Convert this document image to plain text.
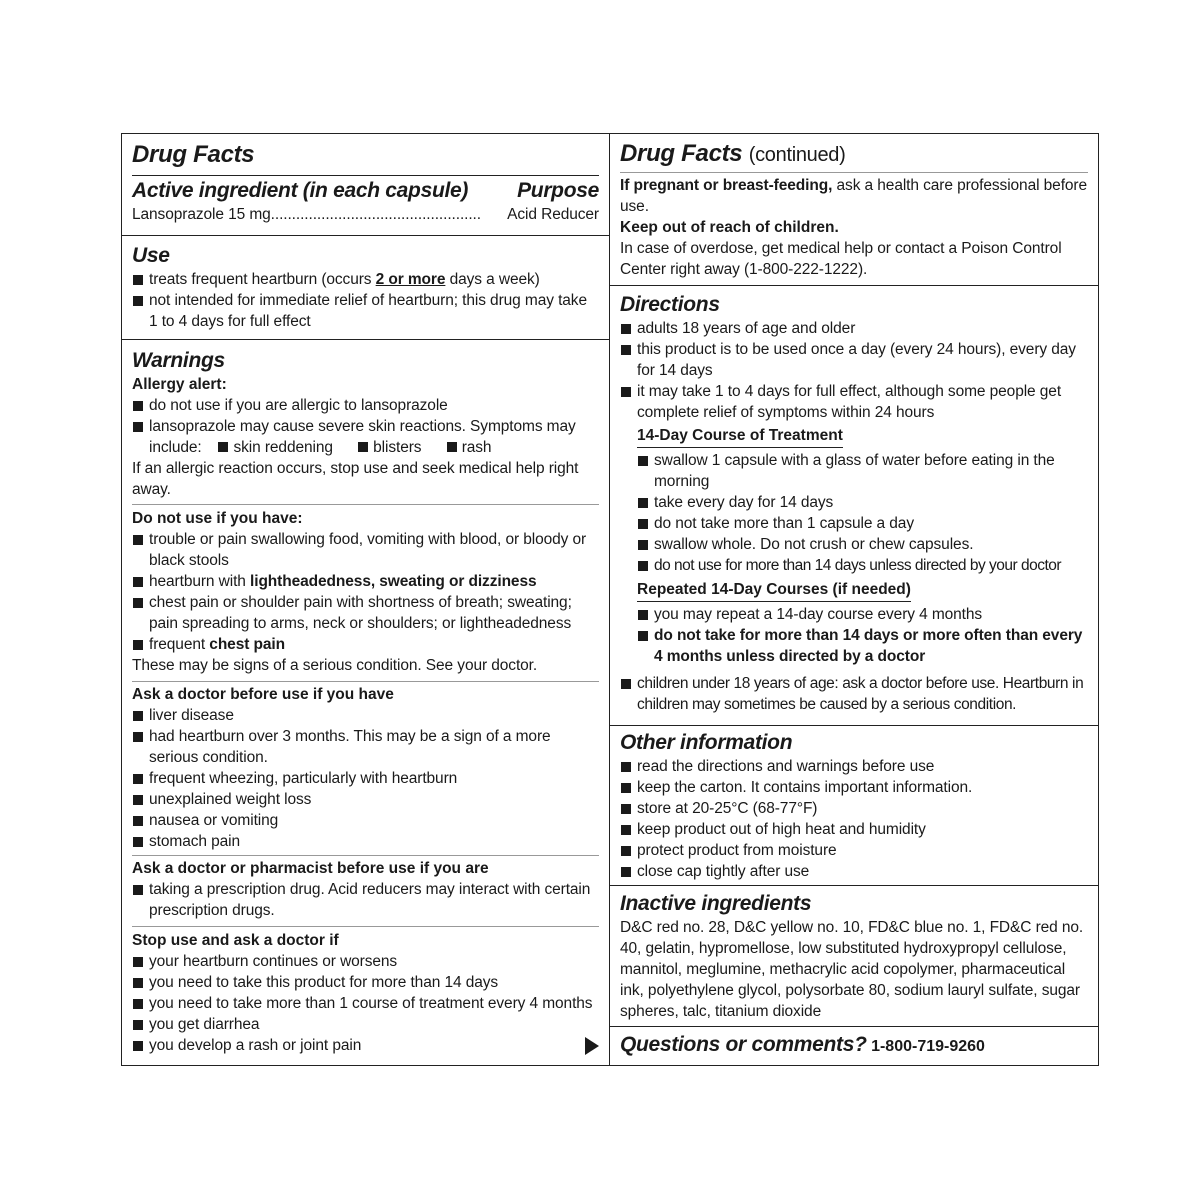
Drug Facts
Active ingredient (in each capsule) Purpose
Lansoprazole 15 mg.................................................. Acid Reducer
Use
treats frequent heartburn (occurs 2 or more days a week)
not intended for immediate relief of heartburn; this drug may take 1 to 4 days for full effect
Warnings
Allergy alert:
do not use if you are allergic to lansoprazole
lansoprazole may cause severe skin reactions. Symptoms may
include: skin reddening	blisters	rash
If an allergic reaction occurs, stop use and seek medical help right away.
Do not use if you have:
trouble or pain swallowing food, vomiting with blood, or bloody or black stools
heartburn with lightheadedness, sweating or dizziness
chest pain or shoulder pain with shortness of breath; sweating; pain spreading to arms, neck or shoulders; or lightheadedness
frequent chest pain
These may be signs of a serious condition. See your doctor.
Ask a doctor before use if you have
liver disease
had heartburn over 3 months. This may be a sign of a more serious condition.
frequent wheezing, particularly with heartburn
unexplained weight loss
nausea or vomiting
stomach pain
Ask a doctor or pharmacist before use if you are
taking a prescription drug. Acid reducers may interact with certain prescription drugs.
Stop use and ask a doctor if
your heartburn continues or worsens
you need to take this product for more than 14 days
you need to take more than 1 course of treatment every 4 months
you get diarrhea
you develop a rash or joint pain
Drug Facts (continued)
If pregnant or breast-feeding, ask a health care professional before use.
Keep out of reach of children.
In case of overdose, get medical help or contact a Poison Control Center right away (1-800-222-1222).
Directions
adults 18 years of age and older
this product is to be used once a day (every 24 hours), every day for 14 days
it may take 1 to 4 days for full effect, although some people get complete relief of symptoms within 24 hours
14-Day Course of Treatment
swallow 1 capsule with a glass of water before eating in the morning
take every day for 14 days
do not take more than 1 capsule a day
swallow whole. Do not crush or chew capsules.
do not use for more than 14 days unless directed by your doctor
Repeated 14-Day Courses (if needed)
you may repeat a 14-day course every 4 months
do not take for more than 14 days or more often than every 4 months unless directed by a doctor
children under 18 years of age: ask a doctor before use. Heartburn in children may sometimes be caused by a serious condition.
Other information
read the directions and warnings before use
keep the carton. It contains important information.
store at 20-25°C (68-77°F)
keep product out of high heat and humidity
protect product from moisture
close cap tightly after use
Inactive ingredients
D&C red no. 28, D&C yellow no. 10, FD&C blue no. 1, FD&C red no. 40, gelatin, hypromellose, low substituted hydroxypropyl cellulose, mannitol, meglumine, methacrylic acid copolymer, pharmaceutical ink, polyethylene glycol, polysorbate 80, sodium lauryl sulfate, sugar spheres, talc, titanium dioxide
Questions or comments? 1-800-719-9260
